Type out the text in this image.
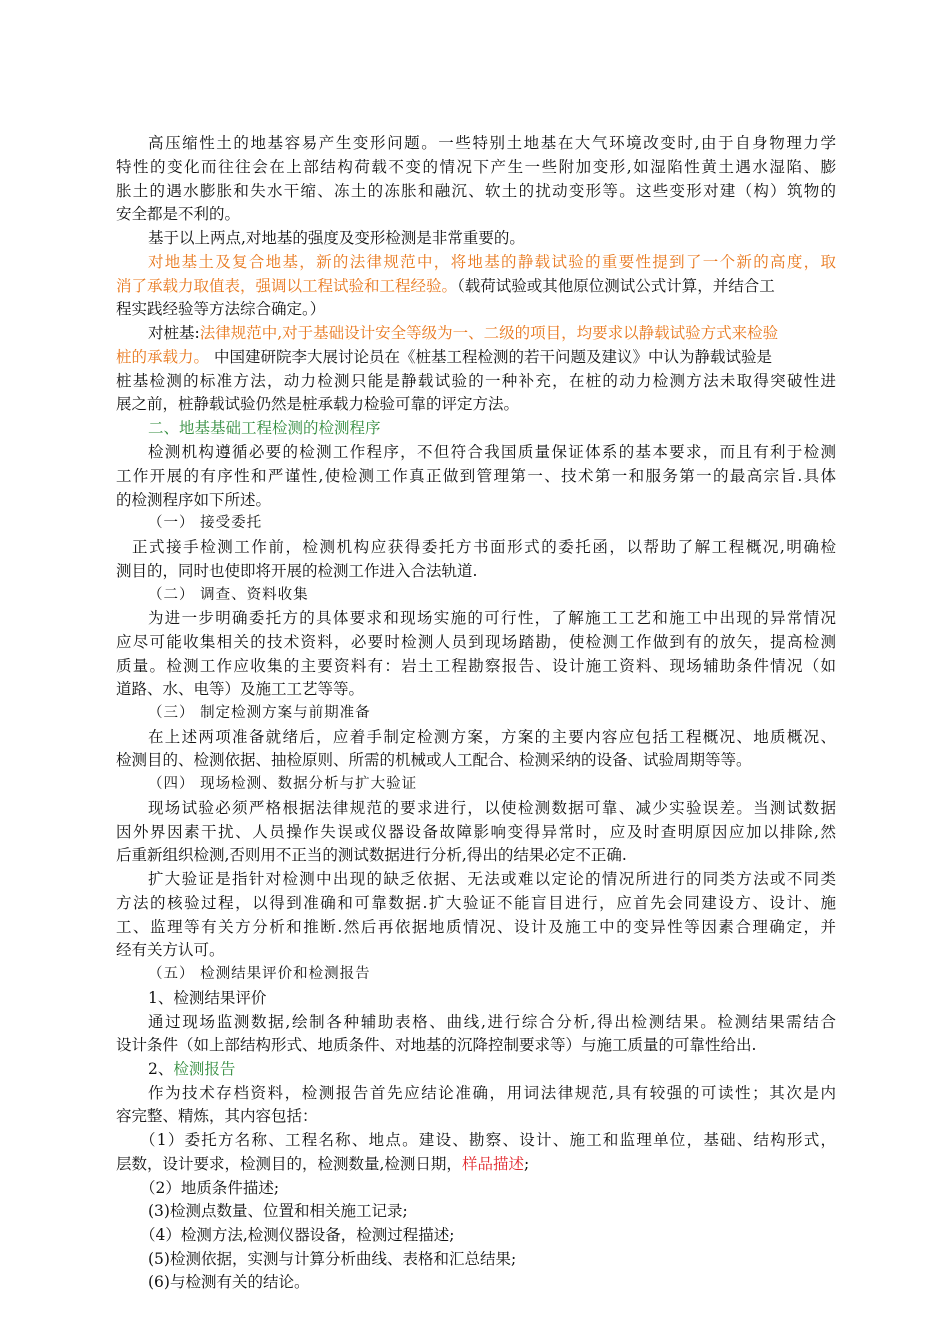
高压缩性土的地基容易产生变形问题。一些特别土地基在大气环境改变时,由于自身物理力学
特性的变化而往往会在上部结构荷载不变的情况下产生一些附加变形,如湿陷性黄土遇水湿陷、膨
胀土的遇水膨胀和失水干缩、冻土的冻胀和融沉、软土的扰动变形等。这些变形对建（构）筑物的
安全都是不利的。
基于以上两点,对地基的强度及变形检测是非常重要的。
对地基土及复合地基，新的法律规范中，将地基的静载试验的重要性提到了一个新的高度，取
消了承载力取值表，强调以工程试验和工程经验。（载荷试验或其他原位测试公式计算，并结合工
程实践经验等方法综合确定。）
对桩基:法律规范中,对于基础设计安全等级为一、二级的项目，均要求以静载试验方式来检验
桩的承载力。 中国建研院李大展讨论员在《桩基工程检测的若干问题及建议》中认为静载试验是
桩基检测的标准方法，动力检测只能是静载试验的一种补充，在桩的动力检测方法未取得突破性进
展之前，桩静载试验仍然是桩承载力检验可靠的评定方法。
二、地基基础工程检测的检测程序
检测机构遵循必要的检测工作程序，不但符合我国质量保证体系的基本要求，而且有利于检测
工作开展的有序性和严谨性,使检测工作真正做到管理第一、技术第一和服务第一的最高宗旨.具体
的检测程序如下所述。
（一） 接受委托
正式接手检测工作前，检测机构应获得委托方书面形式的委托函，以帮助了解工程概况,明确检
测目的，同时也使即将开展的检测工作进入合法轨道.
（二） 调查、资料收集
为进一步明确委托方的具体要求和现场实施的可行性，了解施工工艺和施工中出现的异常情况
应尽可能收集相关的技术资料，必要时检测人员到现场踏勘，使检测工作做到有的放矢，提高检测
质量。检测工作应收集的主要资料有：岩土工程勘察报告、设计施工资料、现场辅助条件情况（如
道路、水、电等）及施工工艺等等。
（三） 制定检测方案与前期准备
在上述两项准备就绪后，应着手制定检测方案，方案的主要内容应包括工程概况、地质概况、
检测目的、检测依据、抽检原则、所需的机械或人工配合、检测采纳的设备、试验周期等等。
（四） 现场检测、数据分析与扩大验证
现场试验必须严格根据法律规范的要求进行，以使检测数据可靠、减少实验误差。当测试数据
因外界因素干扰、人员操作失误或仪器设备故障影响变得异常时，应及时查明原因应加以排除,然
后重新组织检测,否则用不正当的测试数据进行分析,得出的结果必定不正确.
扩大验证是指针对检测中出现的缺乏依据、无法或难以定论的情况所进行的同类方法或不同类
方法的核验过程，以得到准确和可靠数据.扩大验证不能盲目进行，应首先会同建设方、设计、施
工、监理等有关方分析和推断.然后再依据地质情况、设计及施工中的变异性等因素合理确定，并
经有关方认可。
（五） 检测结果评价和检测报告
1、检测结果评价
通过现场监测数据,绘制各种辅助表格、曲线,进行综合分析,得出检测结果。检测结果需结合
设计条件（如上部结构形式、地质条件、对地基的沉降控制要求等）与施工质量的可靠性给出.
2、检测报告
作为技术存档资料，检测报告首先应结论准确，用词法律规范,具有较强的可读性；其次是内
容完整、精炼，其内容包括：
（1）委托方名称、工程名称、地点。建设、勘察、设计、施工和监理单位，基础、结构形式，
层数，设计要求，检测目的，检测数量,检测日期，样品描述;
（2）地质条件描述;
(3)检测点数量、位置和相关施工记录;
（4）检测方法,检测仪器设备，检测过程描述;
(5)检测依据，实测与计算分析曲线、表格和汇总结果;
(6)与检测有关的结论。
